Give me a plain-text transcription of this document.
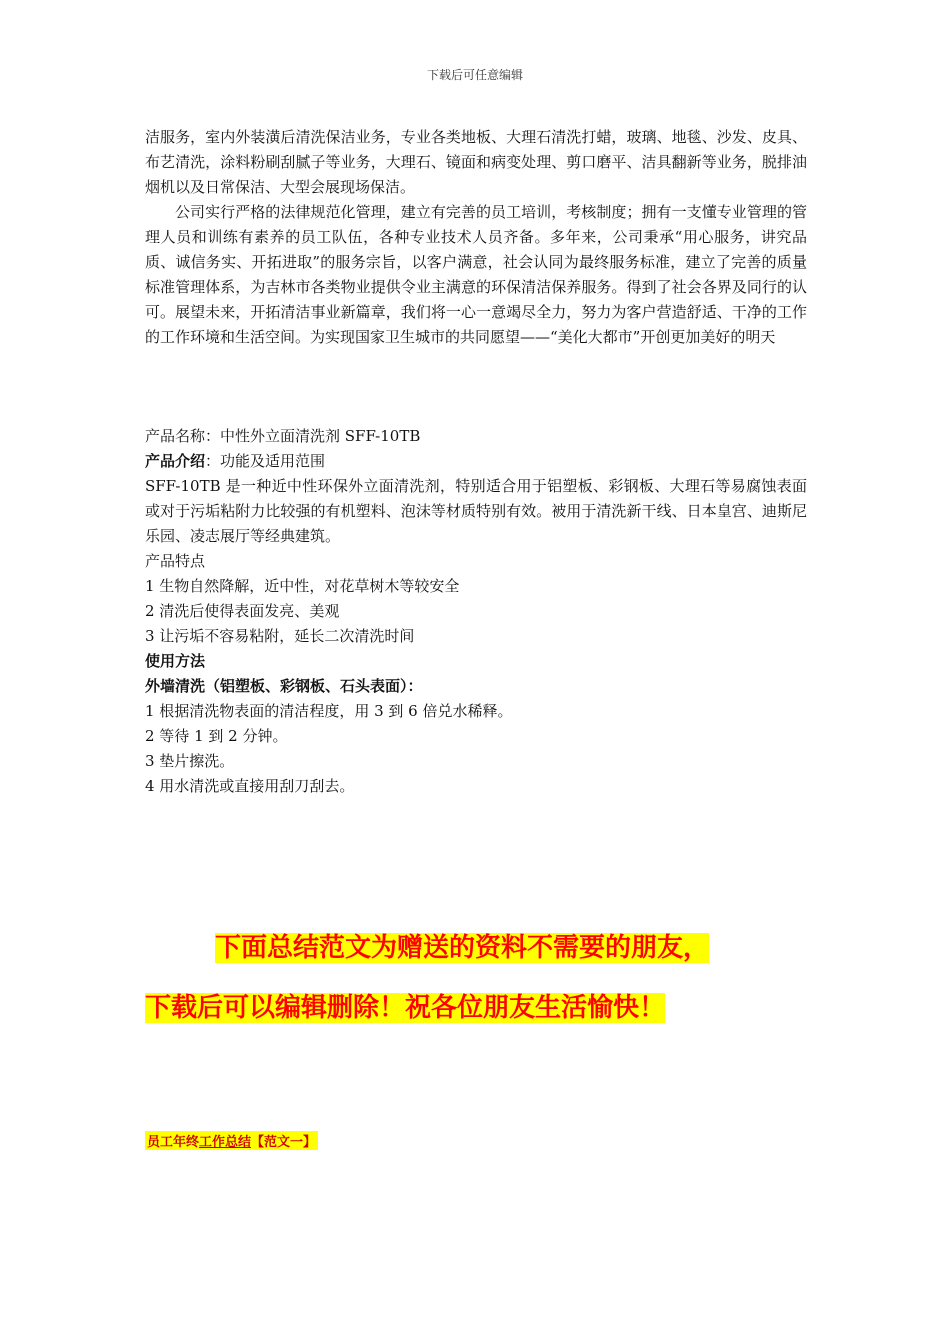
下载后可任意编辑

洁服务，室内外装潢后清洗保洁业务，专业各类地板、大理石清洗打蜡，玻璃、地毯、沙发、皮具、布艺清洗，涂料粉刷刮腻子等业务，大理石、镜面和病变处理、剪口磨平、洁具翻新等业务，脱排油烟机以及日常保洁、大型会展现场保洁。

公司实行严格的法律规范化管理，建立有完善的员工培训，考核制度；拥有一支懂专业管理的管理人员和训练有素养的员工队伍，各种专业技术人员齐备。多年来，公司秉承“用心服务，讲究品质、诚信务实、开拓进取”的服务宗旨，以客户满意，社会认同为最终服务标准，建立了完善的质量标准管理体系，为吉林市各类物业提供令业主满意的环保清洁保养服务。得到了社会各界及同行的认可。展望未来，开拓清洁事业新篇章，我们将一心一意竭尽全力，努力为客户营造舒适、干净的工作的工作环境和生活空间。为实现国家卫生城市的共同愿望——“美化大都市”开创更加美好的明天

产品名称：中性外立面清洗剂 SFF-10TB

产品介绍：功能及适用范围

SFF-10TB 是一种近中性环保外立面清洗剂，特别适合用于铝塑板、彩钢板、大理石等易腐蚀表面或对于污垢粘附力比较强的有机塑料、泡沫等材质特别有效。被用于清洗新干线、日本皇宫、迪斯尼乐园、凌志展厅等经典建筑。

产品特点

1 生物自然降解，近中性，对花草树木等较安全

2 清洗后使得表面发亮、美观

3 让污垢不容易粘附，延长二次清洗时间

使用方法

外墙清洗（铝塑板、彩钢板、石头表面）：

1 根据清洗物表面的清洁程度，用 3 到 6 倍兑水稀释。

2 等待 1 到 2 分钟。

3 垫片擦洗。

4 用水清洗或直接用刮刀刮去。

下面总结范文为赠送的资料不需要的朋友，
下载后可以编辑删除！祝各位朋友生活愉快！
员工年终工作总结【范文一】
